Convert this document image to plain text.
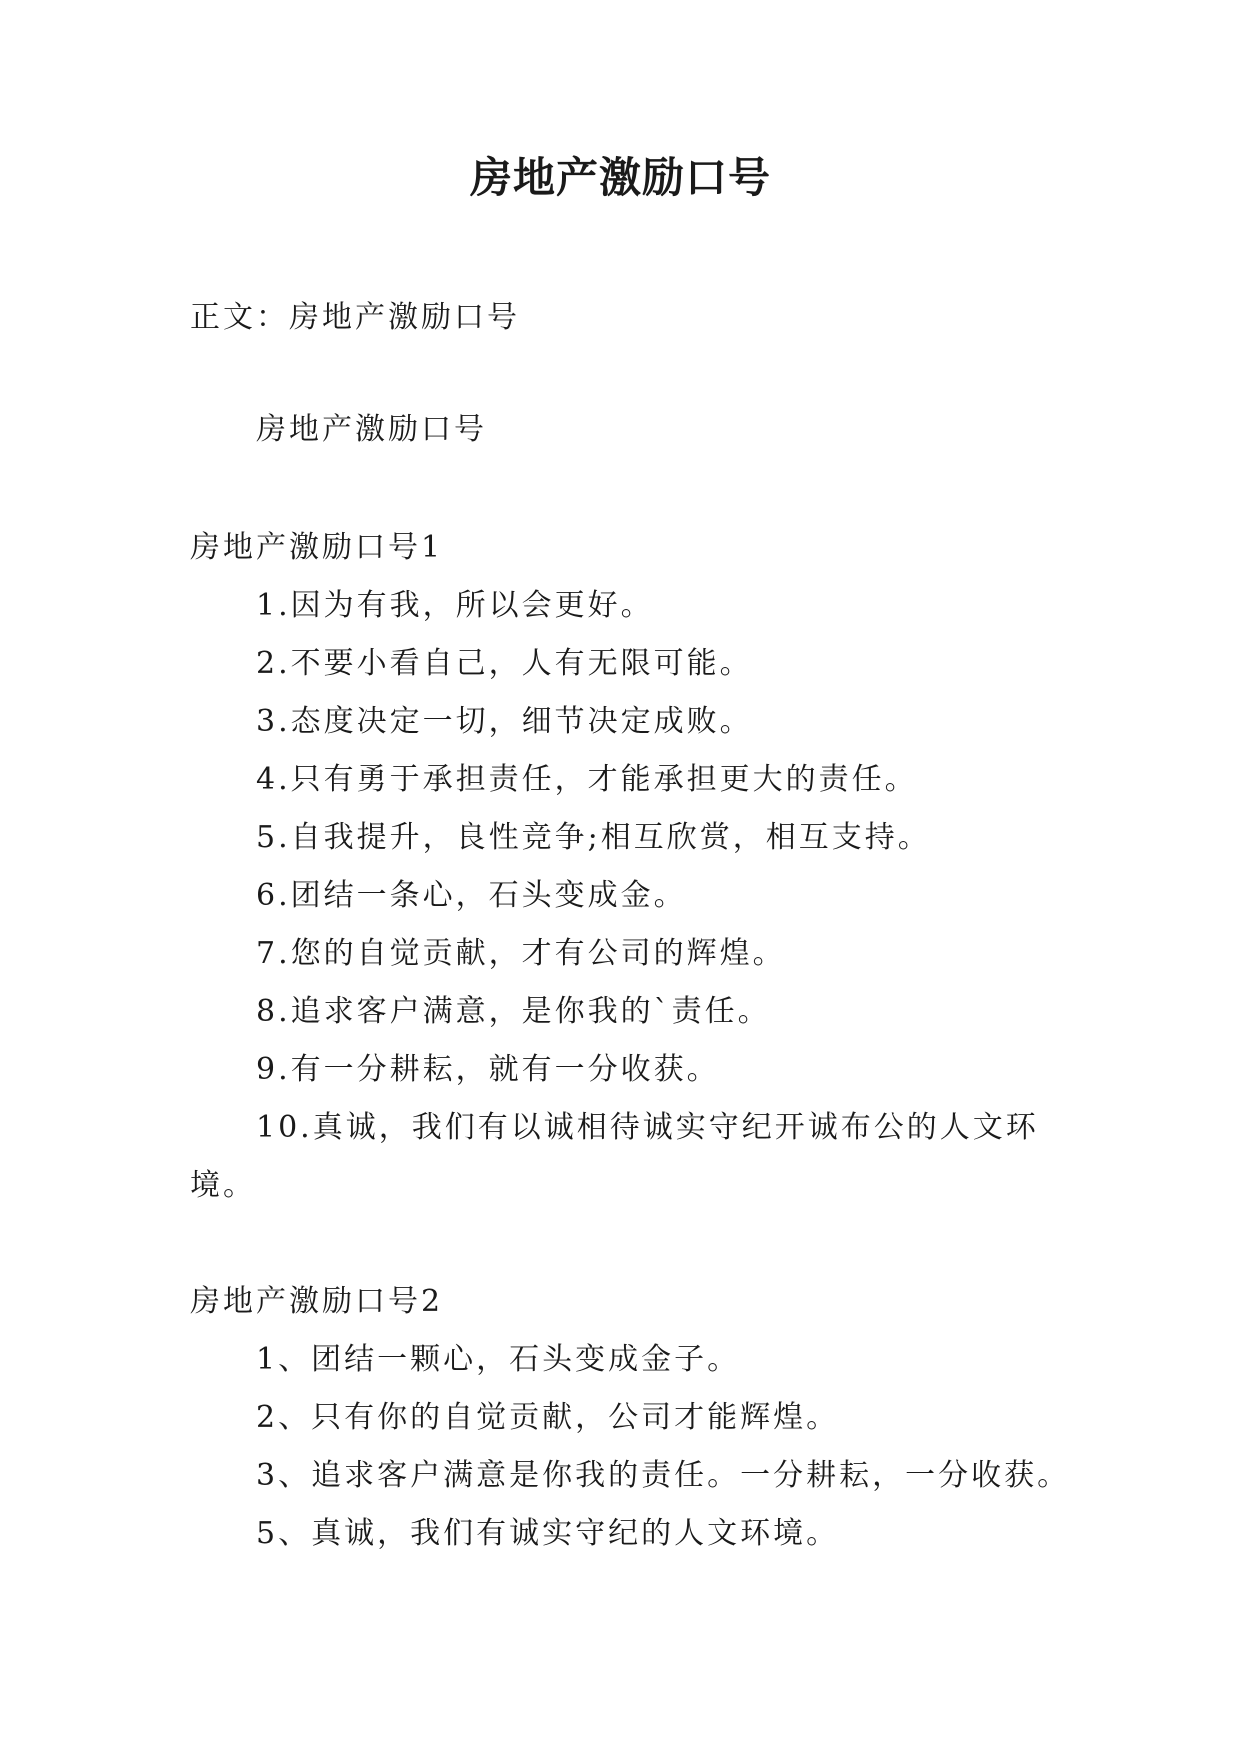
房地产激励口号
正文：房地产激励口号
房地产激励口号
房地产激励口号1
1.因为有我，所以会更好。
2.不要小看自己，人有无限可能。
3.态度决定一切，细节决定成败。
4.只有勇于承担责任，才能承担更大的责任。
5.自我提升，良性竞争;相互欣赏，相互支持。
6.团结一条心，石头变成金。
7.您的自觉贡献，才有公司的辉煌。
8.追求客户满意，是你我的`责任。
9.有一分耕耘，就有一分收获。
10.真诚，我们有以诚相待诚实守纪开诚布公的人文环
境。
房地产激励口号2
1、团结一颗心，石头变成金子。
2、只有你的自觉贡献，公司才能辉煌。
3、追求客户满意是你我的责任。一分耕耘，一分收获。
5、真诚，我们有诚实守纪的人文环境。
